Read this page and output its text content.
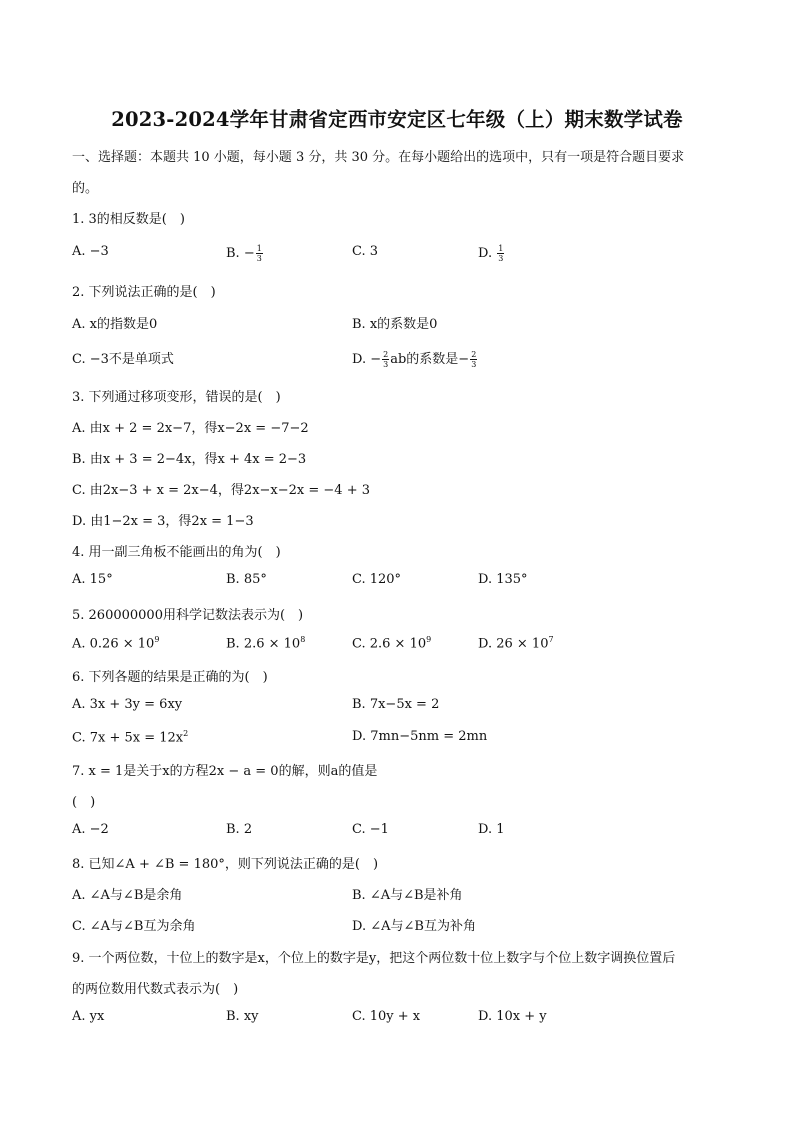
2023-2024学年甘肃省定西市安定区七年级（上）期末数学试卷
一、选择题：本题共 10 小题，每小题 3 分，共 30 分。在每小题给出的选项中，只有一项是符合题目要求
的。
1. 3的相反数是(　)
A. −3	B. − $\frac{1}{3}$	C. 3	D. $\frac{1}{3}$
2. 下列说法正确的是(　)
A. x的指数是0	B. x的系数是0
C. −3不是单项式	D. − $\frac{2}{3}$ ab的系数是− $\frac{2}{3}$
3. 下列通过移项变形，错误的是(　)
A. 由x + 2 = 2x−7，得x−2x = −7−2
B. 由x + 3 = 2−4x，得x + 4x = 2−3
C. 由2x−3 + x = 2x−4，得2x−x−2x = −4 + 3
D. 由1−2x = 3，得2x = 1−3
4. 用一副三角板不能画出的角为(　)
A. 15°	B. 85°	C. 120°	D. 135°
5. 260000000用科学记数法表示为(　)
A. $0.26 \times 10^9$	B. $2.6 \times 10^8$	C. $2.6 \times 10^9$	D. $26 \times 10^7$
6. 下列各题的结果是正确的为(　)
A. 3x + 3y = 6xy	B. 7x−5x = 2
C. $7x + 5x = 12x^2$	D. 7mn−5nm = 2mn
7. x = 1是关于x的方程2x − a = 0的解，则a的值是
(　)
A. −2	B. 2	C. −1	D. 1
8. 已知∠A + ∠B = 180°，则下列说法正确的是(　)
A. ∠A与∠B是余角	B. ∠A与∠B是补角
C. ∠A与∠B互为余角	D. ∠A与∠B互为补角
9. 一个两位数，十位上的数字是x，个位上的数字是y，把这个两位数十位上数字与个位上数字调换位置后
的两位数用代数式表示为(　)
A. yx	B. xy	C. 10y + x	D. 10x + y
